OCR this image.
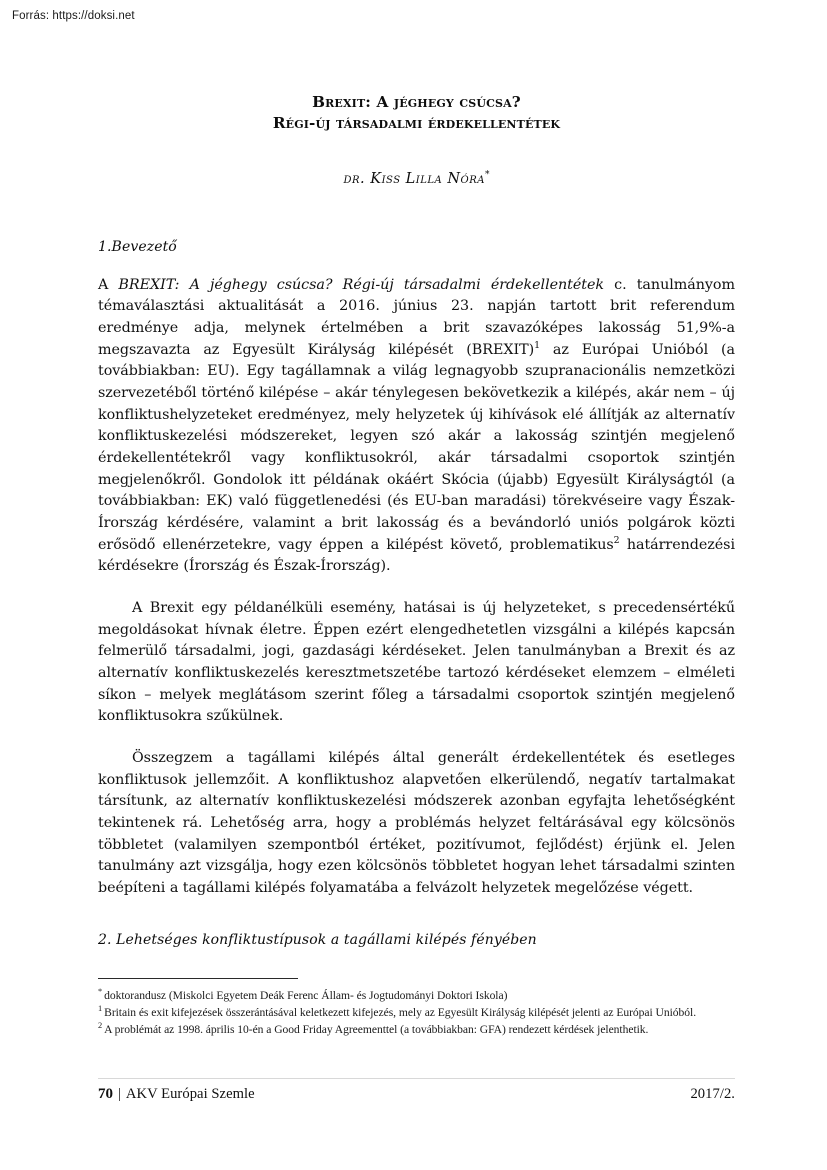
Forrás: https://doksi.net
Brexit: A jéghegy csúcsa?
Régi-új társadalmi érdekellentétek
dr. Kiss Lilla Nóra*
1.Bevezető

A BREXIT: A jéghegy csúcsa? Régi-új társadalmi érdekellentétek c. tanulmányom témaválasztási aktualitását a 2016. június 23. napján tartott brit referendum eredménye adja, melynek értelmében a brit szavazóképes lakosság 51,9%-a megszavazta az Egyesült Királyság kilépését (BREXIT)$^1$ az Európai Unióból (a továbbiakban: EU). Egy tagállamnak a világ legnagyobb szupranacionális nemzetközi szervezetéből történő kilépése – akár ténylegesen bekövetkezik a kilépés, akár nem – új konfliktushelyzeteket eredményez, mely helyzetek új kihívások elé állítják az alternatív konfliktuskezelési módszereket, legyen szó akár a lakosság szintjén megjelenő érdekellentétekről vagy konfliktusokról, akár társadalmi csoportok szintjén megjelenőkről. Gondolok itt példának okáért Skócia (újabb) Egyesült Királyságtól (a továbbiakban: EK) való függetlenedési (és EU-ban maradási) törekvéseire vagy Észak-Írország kérdésére, valamint a brit lakosság és a bevándorló uniós polgárok közti erősödő ellenérzetekre, vagy éppen a kilépést követő, problematikus$^2$ határrendezési kérdésekre (Írország és Észak-Írország).

A Brexit egy példanélküli esemény, hatásai is új helyzeteket, s precedensértékű megoldásokat hívnak életre. Éppen ezért elengedhetetlen vizsgálni a kilépés kapcsán felmerülő társadalmi, jogi, gazdasági kérdéseket. Jelen tanulmányban a Brexit és az alternatív konfliktuskezelés keresztmetszetébe tartozó kérdéseket elemzem – elméleti síkon – melyek meglátásom szerint főleg a társadalmi csoportok szintjén megjelenő konfliktusokra szűkülnek.

Összegzem a tagállami kilépés által generált érdekellentétek és esetleges konfliktusok jellemzőit. A konfliktushoz alapvetően elkerülendő, negatív tartalmakat társítunk, az alternatív konfliktuskezelési módszerek azonban egyfajta lehetőségként tekintenek rá. Lehetőség arra, hogy a problémás helyzet feltárásával egy kölcsönös többletet (valamilyen szempontból értéket, pozitívumot, fejlődést) érjünk el. Jelen tanulmány azt vizsgálja, hogy ezen kölcsönös többletet hogyan lehet társadalmi szinten beépíteni a tagállami kilépés folyamatába a felvázolt helyzetek megelőzése végett.

2. Lehetséges konfliktustípusok a tagállami kilépés fényében

* doktorandusz (Miskolci Egyetem Deák Ferenc Állam- és Jogtudományi Doktori Iskola)

$^1$ Britain és exit kifejezések összerántásával keletkezett kifejezés, mely az Egyesült Királyság kilépését jelenti az Európai Unióból.

$^2$ A problémát az 1998. április 10-én a Good Friday Agreementtel (a továbbiakban: GFA) rendezett kérdések jelenthetik.

70 | AKV Európai Szemle	2017/2.
